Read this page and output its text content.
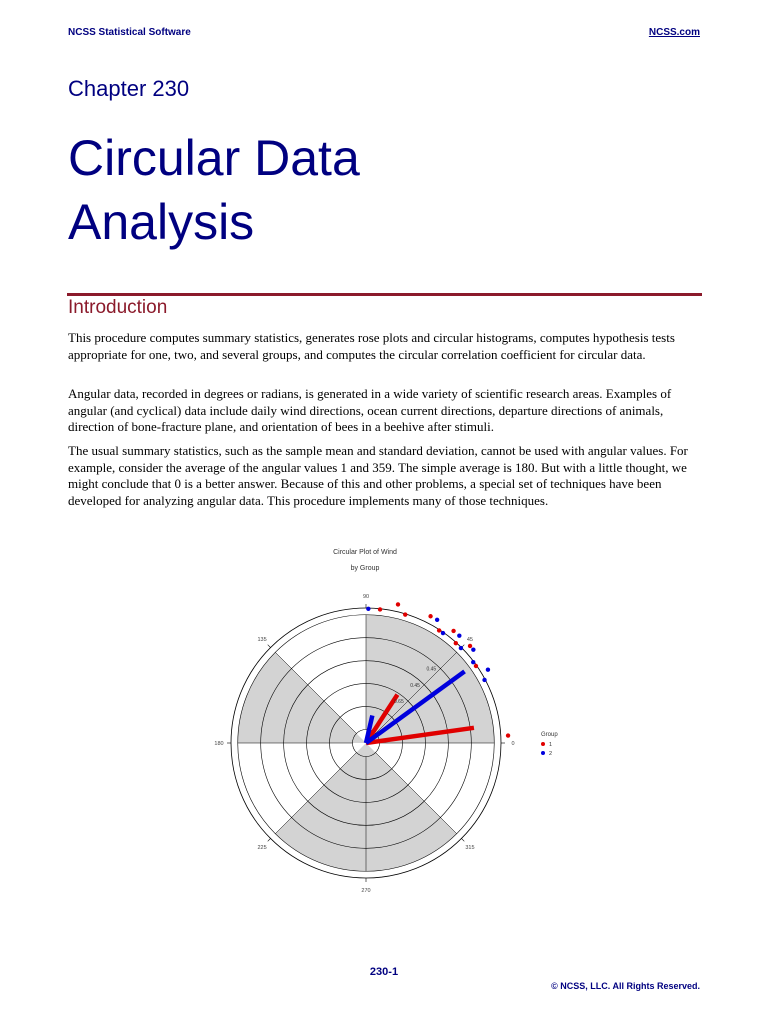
NCSS Statistical Software	NCSS.com
Chapter 230
Circular Data
Analysis
Introduction

This procedure computes summary statistics, generates rose plots and circular histograms, computes hypothesis tests appropriate for one, two, and several groups, and computes the circular correlation coefficient for circular data.

Angular data, recorded in degrees or radians, is generated in a wide variety of scientific research areas. Examples of angular (and cyclical) data include daily wind directions, ocean current directions, departure directions of animals, direction of bone-fracture plane, and orientation of bees in a beehive after stimuli.

The usual summary statistics, such as the sample mean and standard deviation, cannot be used with angular values. For example, consider the average of the angular values 1 and 359. The simple average is 180. But with a little thought, we might conclude that 0 is a better answer. Because of this and other problems, a special set of techniques have been developed for analyzing angular data. This procedure implements many of those techniques.

Circular Plot of Wind
by Group
0
45
90
135
180
225
270
315
0.45
0.45
0.65
Group
1
2
230-1
© NCSS, LLC. All Rights Reserved.
